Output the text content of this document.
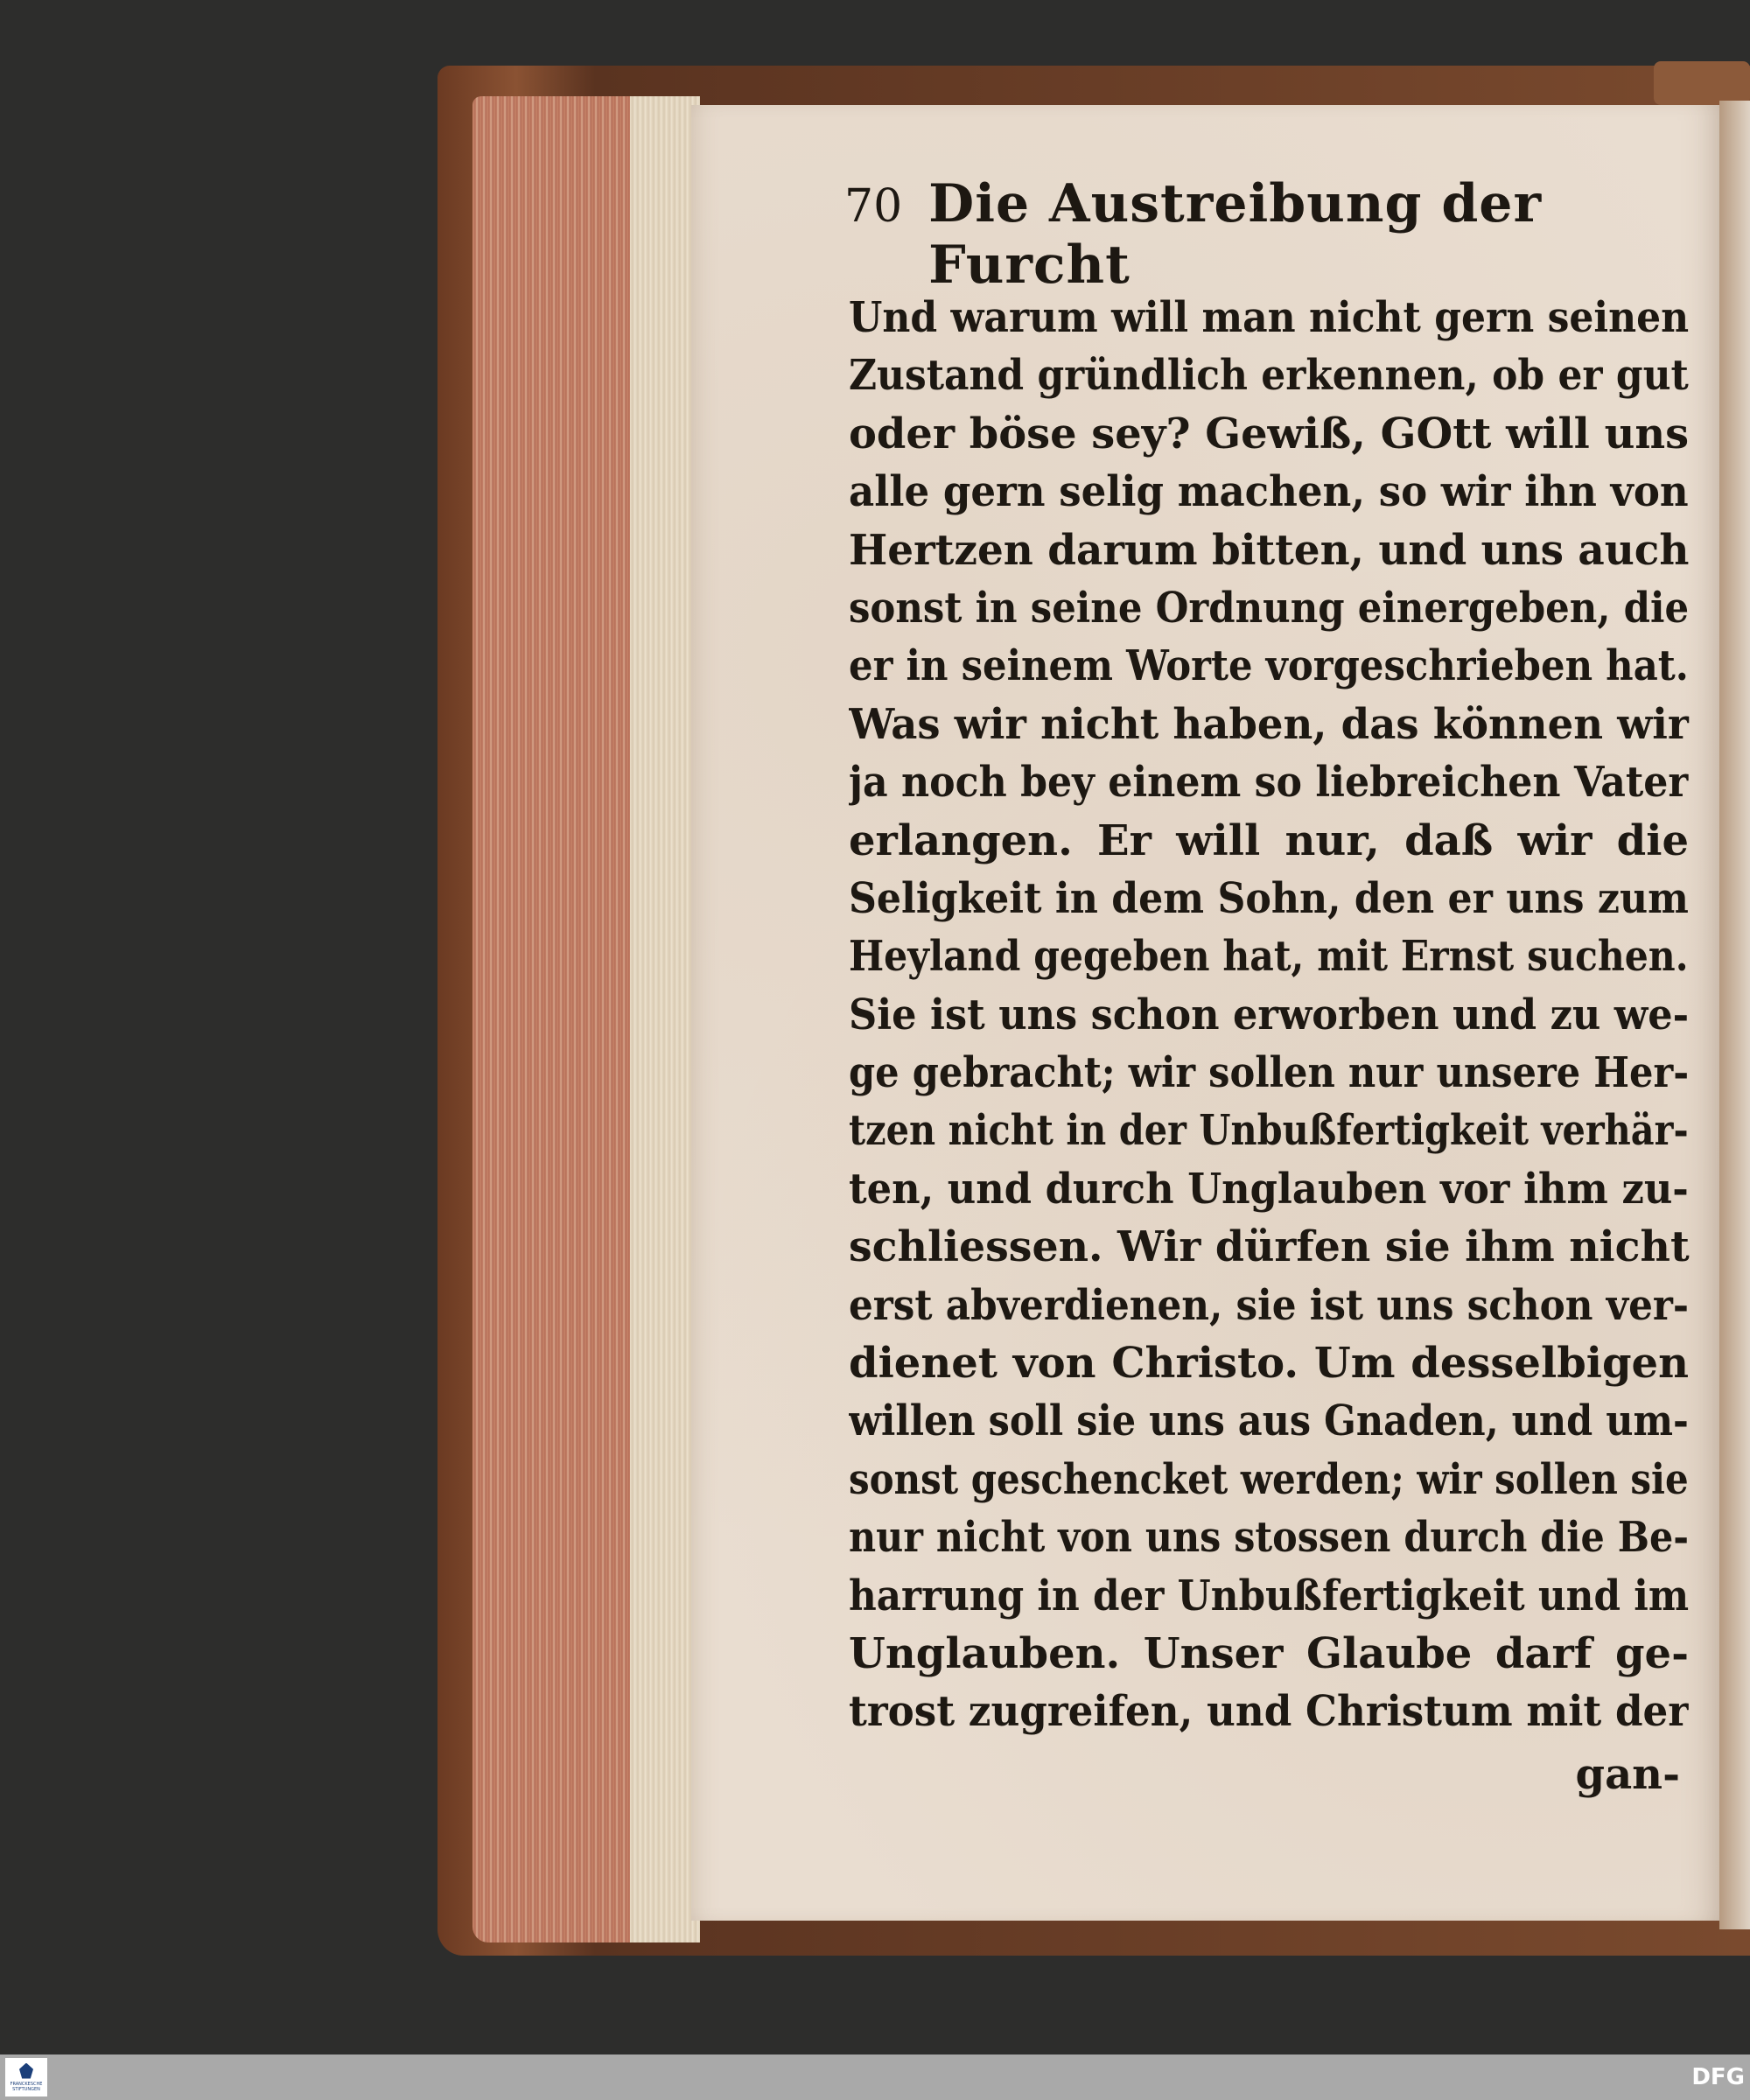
70 Die Austreibung der Furcht
Und warum will man nicht gern seinen
Zustand gründlich erkennen, ob er gut
oder böse sey? Gewiß, GOtt will uns
alle gern selig machen, so wir ihn von
Hertzen darum bitten, und uns auch
sonst in seine Ordnung einergeben, die
er in seinem Worte vorgeschrieben hat.
Was wir nicht haben, das können wir
ja noch bey einem so liebreichen Vater
erlangen. Er will nur, daß wir die
Seligkeit in dem Sohn, den er uns zum
Heyland gegeben hat, mit Ernst suchen.
Sie ist uns schon erworben und zu we-
ge gebracht; wir sollen nur unsere Her-
tzen nicht in der Unbußfertigkeit verhär-
ten, und durch Unglauben vor ihm zu-
schliessen. Wir dürfen sie ihm nicht
erst abverdienen, sie ist uns schon ver-
dienet von Christo. Um desselbigen
willen soll sie uns aus Gnaden, und um-
sonst geschencket werden; wir sollen sie
nur nicht von uns stossen durch die Be-
harrung in der Unbußfertigkeit und im
Unglauben. Unser Glaube darf ge-
trost zugreifen, und Christum mit der
gan-
FRANCKESCHE STIFTUNGEN	DFG
